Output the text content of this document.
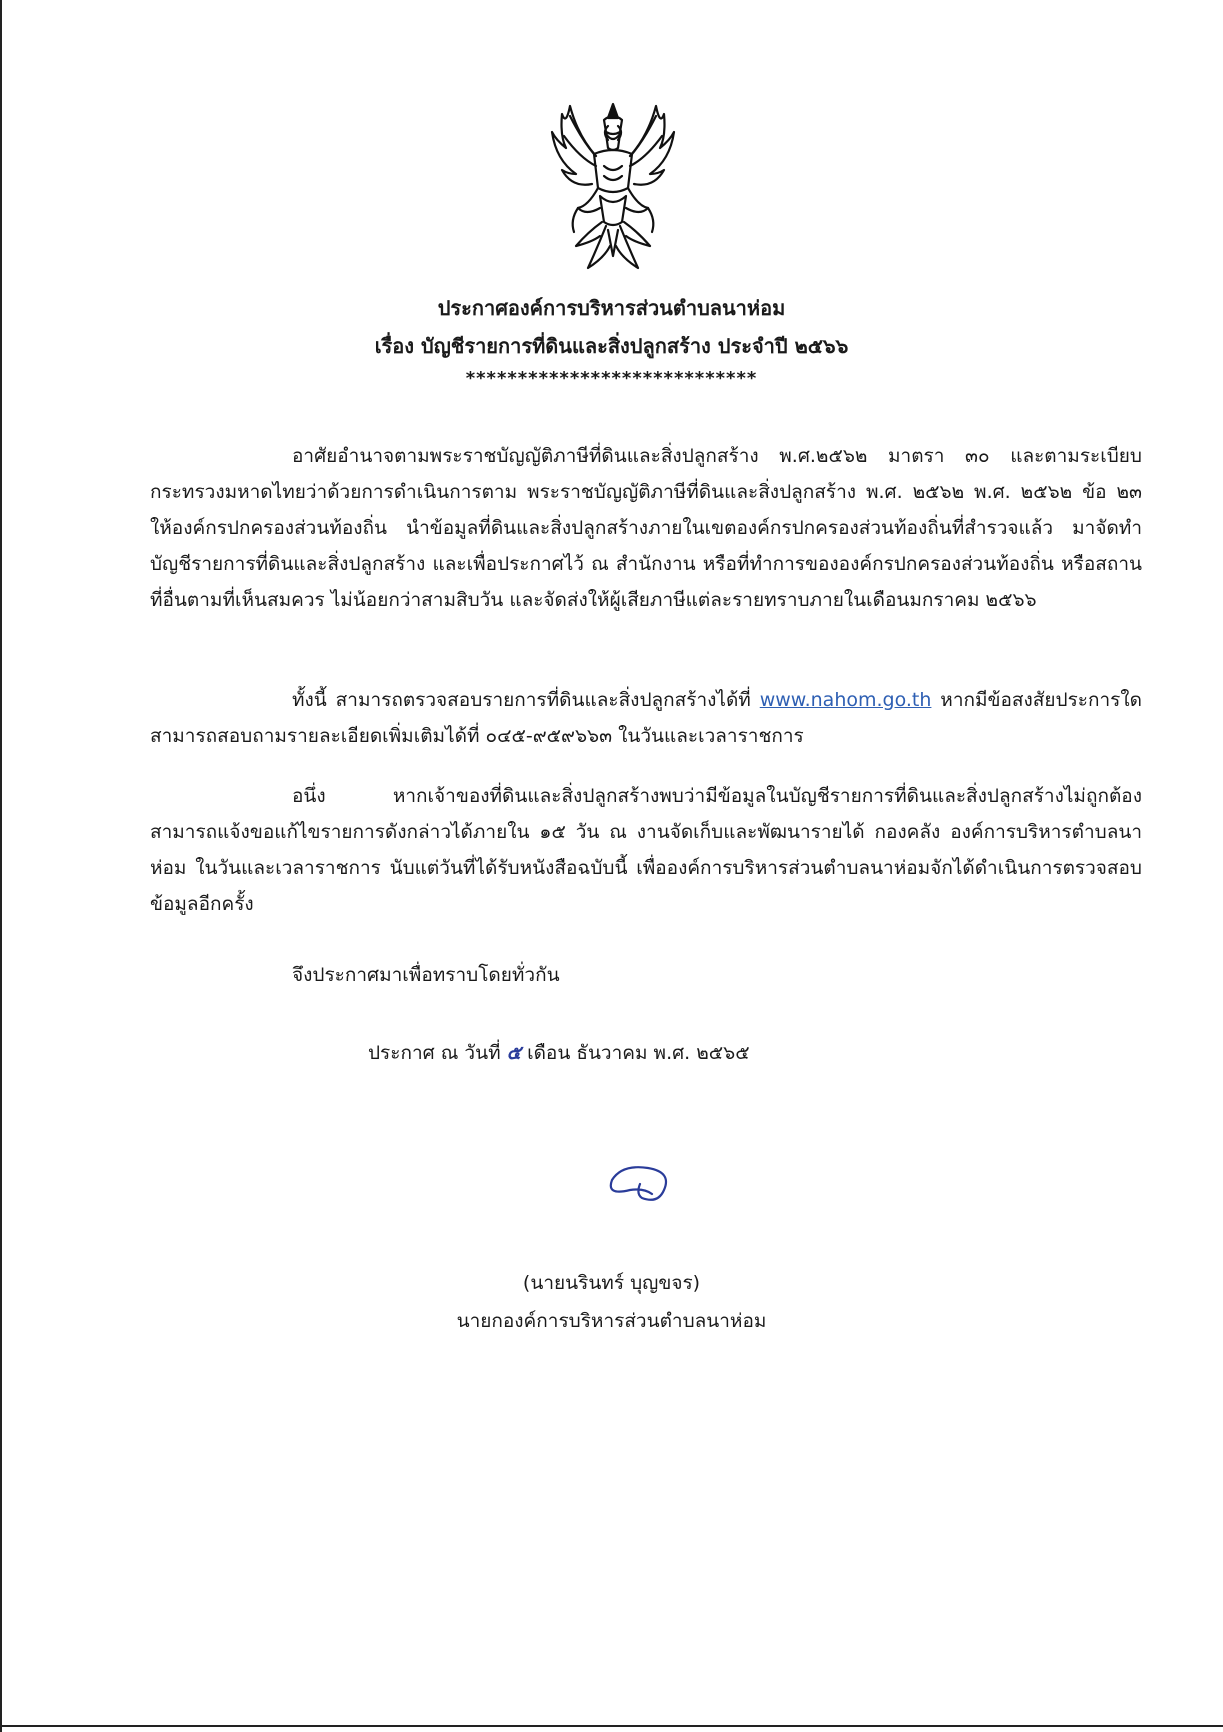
ประกาศองค์การบริหารส่วนตำบลนาห่อม
เรื่อง บัญชีรายการที่ดินและสิ่งปลูกสร้าง ประจำปี ๒๕๖๖
****************************

อาศัยอำนาจตามพระราชบัญญัติภาษีที่ดินและสิ่งปลูกสร้าง พ.ศ.๒๕๖๒ มาตรา ๓๐ และตามระเบียบกระทรวงมหาดไทยว่าด้วยการดำเนินการตาม พระราชบัญญัติภาษีที่ดินและสิ่งปลูกสร้าง พ.ศ. ๒๕๖๒ พ.ศ. ๒๕๖๒ ข้อ ๒๓ ให้องค์กรปกครองส่วนท้องถิ่น นำข้อมูลที่ดินและสิ่งปลูกสร้างภายในเขตองค์กรปกครองส่วนท้องถิ่นที่สำรวจแล้ว มาจัดทำบัญชีรายการที่ดินและสิ่งปลูกสร้าง และเพื่อประกาศไว้ ณ สำนักงาน หรือที่ทำการขององค์กรปกครองส่วนท้องถิ่น หรือสถานที่อื่นตามที่เห็นสมควร ไม่น้อยกว่าสามสิบวัน และจัดส่งให้ผู้เสียภาษีแต่ละรายทราบภายในเดือนมกราคม ๒๕๖๖

ทั้งนี้ สามารถตรวจสอบรายการที่ดินและสิ่งปลูกสร้างได้ที่ www.nahom.go.th หากมีข้อสงสัยประการใดสามารถสอบถามรายละเอียดเพิ่มเติมได้ที่ ๐๔๕-๙๕๙๖๖๓ ในวันและเวลาราชการ

อนึ่ง หากเจ้าของที่ดินและสิ่งปลูกสร้างพบว่ามีข้อมูลในบัญชีรายการที่ดินและสิ่งปลูกสร้างไม่ถูกต้อง สามารถแจ้งขอแก้ไขรายการดังกล่าวได้ภายใน ๑๕ วัน ณ งานจัดเก็บและพัฒนารายได้ กองคลัง องค์การบริหารตำบลนาห่อม ในวันและเวลาราชการ นับแต่วันที่ได้รับหนังสือฉบับนี้ เพื่อองค์การบริหารส่วนตำบลนาห่อมจักได้ดำเนินการตรวจสอบข้อมูลอีกครั้ง

จึงประกาศมาเพื่อทราบโดยทั่วกัน
ประกาศ ณ วันที่ ๕ เดือน ธันวาคม พ.ศ. ๒๕๖๕
(นายนรินทร์ บุญขจร)
นายกองค์การบริหารส่วนตำบลนาห่อม
